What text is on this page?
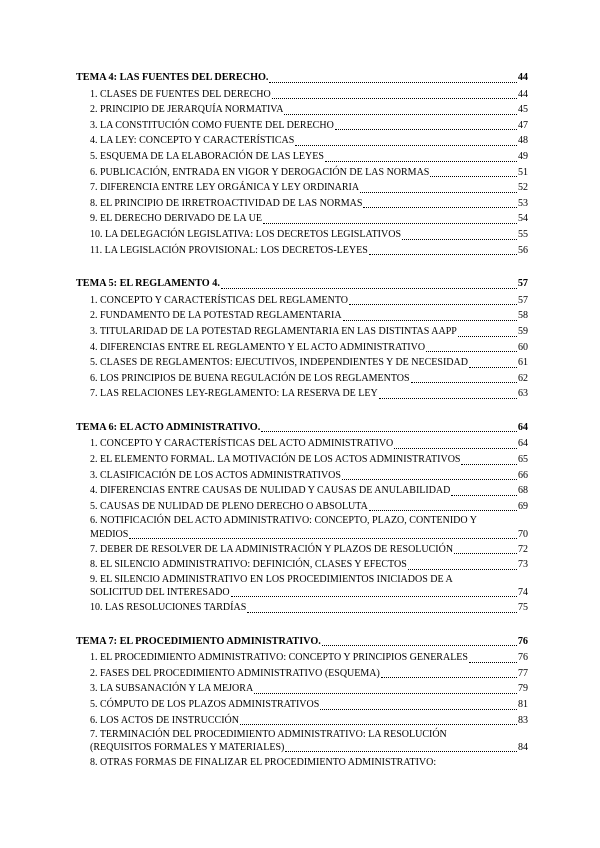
TEMA 4: LAS FUENTES DEL DERECHO.	44
1. CLASES DE FUENTES DEL DERECHO	44
2. PRINCIPIO DE JERARQUÍA NORMATIVA	45
3. LA CONSTITUCIÓN COMO FUENTE DEL DERECHO	47
4. LA LEY: CONCEPTO Y CARACTERÍSTICAS	48
5. ESQUEMA DE LA ELABORACIÓN DE LAS LEYES	49
6. PUBLICACIÓN, ENTRADA EN VIGOR Y DEROGACIÓN DE LAS NORMAS	51
7. DIFERENCIA ENTRE LEY ORGÁNICA Y LEY ORDINARIA	52
8. EL PRINCIPIO DE IRRETROACTIVIDAD DE LAS NORMAS	53
9. EL DERECHO DERIVADO DE LA UE	54
10. LA DELEGACIÓN LEGISLATIVA: LOS DECRETOS LEGISLATIVOS	55
11. LA LEGISLACIÓN PROVISIONAL: LOS DECRETOS-LEYES	56
TEMA 5: EL REGLAMENTO 4.	57
1. CONCEPTO Y CARACTERÍSTICAS DEL REGLAMENTO	57
2. FUNDAMENTO DE LA POTESTAD REGLAMENTARIA	58
3. TITULARIDAD DE LA POTESTAD REGLAMENTARIA EN LAS DISTINTAS AAPP	59
4. DIFERENCIAS ENTRE EL REGLAMENTO Y EL ACTO ADMINISTRATIVO	60
5. CLASES DE REGLAMENTOS: EJECUTIVOS, INDEPENDIENTES Y DE NECESIDAD	61
6. LOS PRINCIPIOS DE BUENA REGULACIÓN DE LOS REGLAMENTOS	62
7. LAS RELACIONES LEY-REGLAMENTO: LA RESERVA DE LEY	63
TEMA 6: EL ACTO ADMINISTRATIVO.	64
1. CONCEPTO Y CARACTERÍSTICAS DEL ACTO ADMINISTRATIVO	64
2. EL ELEMENTO FORMAL. LA MOTIVACIÓN DE LOS ACTOS ADMINISTRATIVOS	65
3. CLASIFICACIÓN DE LOS ACTOS ADMINISTRATIVOS	66
4. DIFERENCIAS ENTRE CAUSAS DE NULIDAD Y CAUSAS DE ANULABILIDAD	68
5. CAUSAS DE NULIDAD DE PLENO DERECHO O ABSOLUTA	69
6. NOTIFICACIÓN DEL ACTO ADMINISTRATIVO: CONCEPTO, PLAZO, CONTENIDO Y
MEDIOS	70
7. DEBER DE RESOLVER DE LA ADMINISTRACIÓN Y PLAZOS DE RESOLUCIÓN	72
8. EL SILENCIO ADMINISTRATIVO: DEFINICIÓN, CLASES Y EFECTOS	73
9. EL SILENCIO ADMINISTRATIVO EN LOS PROCEDIMIENTOS INICIADOS DE A
SOLICITUD DEL INTERESADO	74
10. LAS RESOLUCIONES TARDÍAS	75
TEMA 7: EL PROCEDIMIENTO ADMINISTRATIVO.	76
1. EL PROCEDIMIENTO ADMINISTRATIVO: CONCEPTO Y PRINCIPIOS GENERALES	76
2. FASES DEL PROCEDIMIENTO ADMINISTRATIVO (ESQUEMA)	77
3. LA SUBSANACIÓN Y LA MEJORA	79
5. CÓMPUTO DE LOS PLAZOS ADMINISTRATIVOS	81
6. LOS ACTOS DE INSTRUCCIÓN	83
7. TERMINACIÓN DEL PROCEDIMIENTO ADMINISTRATIVO: LA RESOLUCIÓN
(REQUISITOS FORMALES Y MATERIALES)	84
8. OTRAS FORMAS DE FINALIZAR EL PROCEDIMIENTO ADMINISTRATIVO:
